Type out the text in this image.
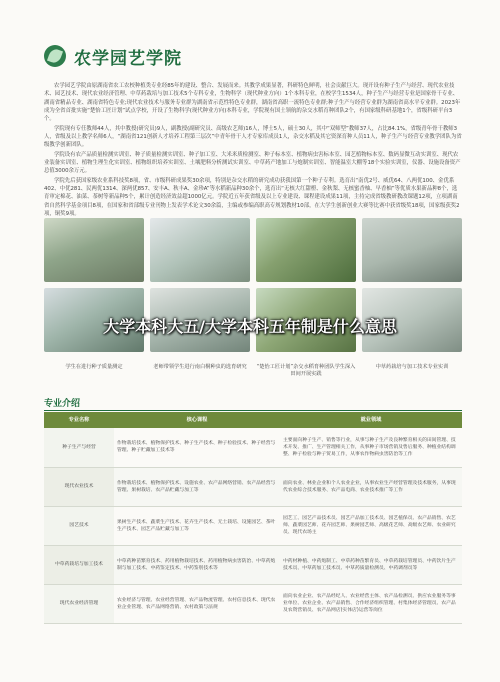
农学园艺学院

农学园艺学院由原湖南省农工农校种植类专业经85年的建设、整合、发展而来。其教学成果显著，科研特色鲜明，社会贡献巨大。现开设有种子生产与经营、现代农业技术、园艺技术、现代农业经济管理、中草药栽培与加工技术5个专科专业，生物科学（现代种业方向）1个本科专业，在校学生1534人，种子生产与经营专业是国家骨干专业、湖南省精品专业、湖南省特色专业;现代农业技术与服务专业群为湖南省示范性特色专业群，湖南省高职一流特色专业群;种子生产与经营专业群为湖南省高水平专业群。2023年成为全省首批实施“楚怡工匠计划”试点学校，开设了生物科学(现代种业方向)本科专业，学院现有国土领航的杂交水稻育种团队2个，有国家级科研基地1个，省级科研平台3个。

学院现有专任教师44人，其中教授(研究员)9人，副教授(副研究员、高级农艺师)16人，博士5人，硕士30人，其中“双师型”教师37人，占比84.1%，省级青年骨干教师3人，省级及以上教学名师6人，“湖南省121创新人才培养工程第三层次”中青年骨干人才专家库成员1人，杂交水稻及其它资深育种人员11人，种子生产与经营专业教学团队为省级教学创新团队。

学院设有农产品质量检测实训室、种子质量检测实训室、种子加工室、大米米质检测室、种子标本室、植物病虫害标本室、园艺植物标本室、数码显微互动实训室、现代农业装备实训室、植物生理生化实训室、植物组织培养实训室、土壤肥料分析测试实训室、中草药产地加工与炮制实训室、智能温室大棚等18个实验实训室，仪器、设施设备资产总值3000余万元。

学院先后获国家级农业系科技奖8项，省、市级科研成果奖30余项，特别是杂交水稻的研究成功获我国第一个种子专利。选育出“南优2号、威优64、八两优100、金优系402、中优281、民两优1314、深两优857、安丰A、秋丰A、金珍A”等水稻新品种30余个，选育出“无核大红甜橙、金秋梨、无核蜜香柚、早香柚”等优质水果新品种8个，选育审定棉花、油菜、茶树等新品种5个，累计创造经济效益超1000亿元。学院近五年获省级及以上专业建设、课程建设成果11项，主持完成省级教研教改课题12项，立项湖南省自然科学基金项目8项，在国家和省部级专业刊物上发表学术论文30余篇，主编或参编高职高专规划教材10部，在大学生创新创业大赛等比赛中获省级奖18项，国家级获奖2项，铜奖9项。

大学本科大五/大学本科五年制是什么意思
学生在进行种子质量测定	老师带领学生进行南白桐种虫的选育研究	“楚怡工匠计划”杂交水稻育种团队学生深入田间开展实践
中草药栽培与加工技术专业实训
专业介绍
专业名称	核心课程	就业领域
种子生产与经营	作物栽培技术、植物保护技术、种子生产技术、种子检验技术、种子经营与管理、种子贮藏加工技术等	主要面向种子生产、销售等行业，从事与种子生产及良种繁育相关的田间管理、技术开发、推广、生产管理相关工作，从事种子市场营销及售后服务、种植业结构调整、种子检验与种子贸易工作，从事农作物病虫害防治等工作
现代农业技术	作物栽培技术、植物保护技术、设施农业、农产品网络营销、农产品经营与管理、果树栽培、农产品贮藏与加工等	面向农业、林业企业和个人农业企业，从事农业生产经营管理及技术服务，从事现代农业综合技术服务、农产品电商、农业技术推广等工作
园艺技术	果树生产技术、蔬菜生产技术、花卉生产技术、无土栽培、设施园艺、茶叶生产技术、园艺产品贮藏与加工等	园艺工、园艺产品技术员、园艺产品加工技术员、园艺植保员、农产品销售、农艺师、蔬菜园艺师、花卉园艺师、果树园艺师、高级花艺师、高级农艺师、农业研究员、现代农场主
中草药栽培与加工技术	中草药种苗繁育技术、药用植物栽培技术、药用植物病虫害防治、中草药炮制与加工技术、中药鉴定技术、中药鉴别技术等	中药材种植、中药炮制工、中草药种苗繁育员、中草药栽培管理员、中药饮片生产技术员、中草药加工技术员、中草药质量检测员、中药调剂员等
现代农业经济管理	农业经济与管理、农业经营管理、农产品物流管理、农村信息技术、现代农业企业管理、农产品网络营销、农村政策与法规	面向农业企业、农产品经纪人、农业经营主体、农产品检测员、供应农业服务等事业单位、农业企业、农产品销售、合作经济组织管理、村集体经济管理员、农产品及农资营销员、农产品网店(实体店)运营等岗位
